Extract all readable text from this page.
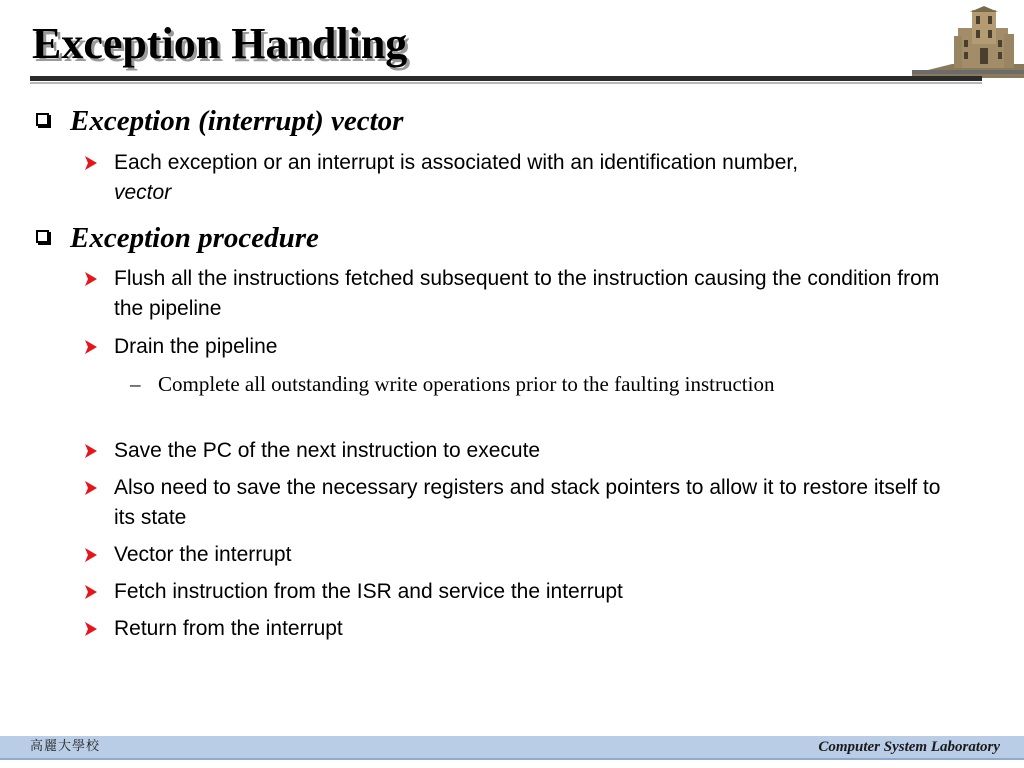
Exception Handling
Exception (interrupt) vector
Each exception or an interrupt is associated with an identification number,
vector
Exception procedure
Flush all the instructions fetched subsequent to the instruction causing the condition from the pipeline
Drain the pipeline
– Complete all outstanding write operations prior to the faulting instruction
Save the PC of the next instruction to execute
Also need to save the necessary registers and stack pointers to allow it to restore itself to its state
Vector the interrupt
Fetch instruction from the ISR and service the interrupt
Return from the interrupt
高麗大學校	Computer System Laboratory
